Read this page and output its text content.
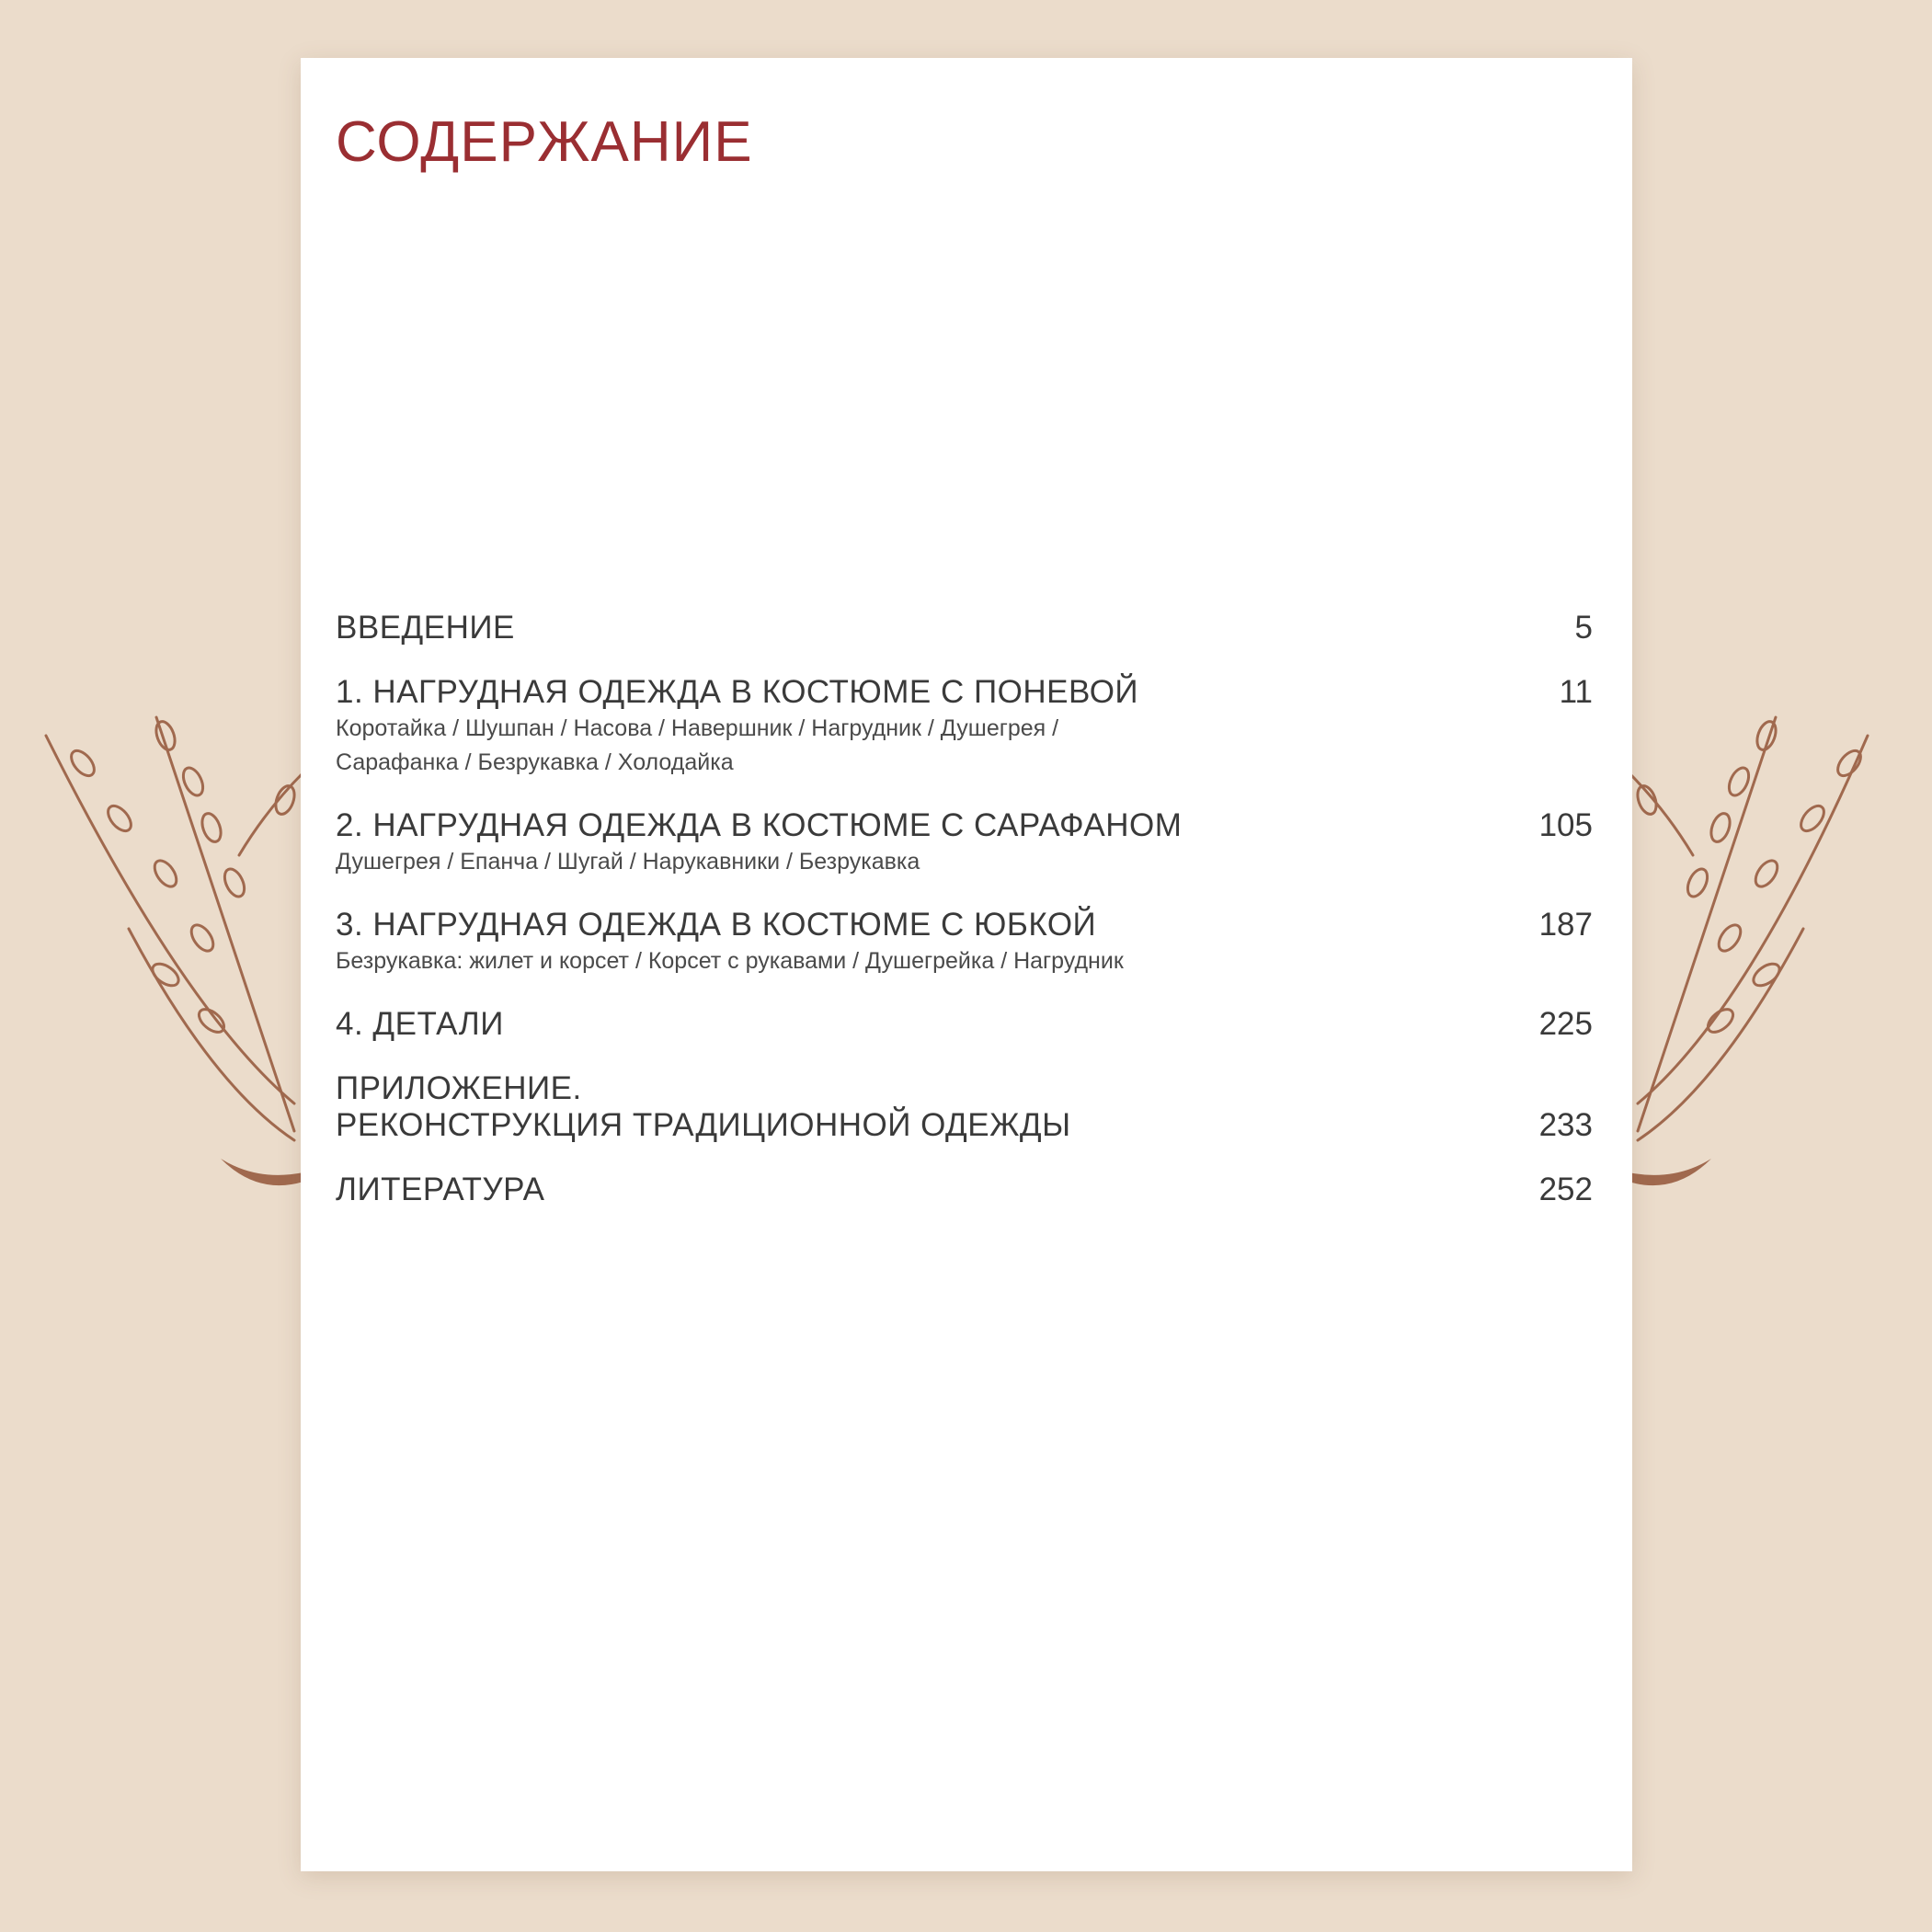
СОДЕРЖАНИЕ
ВВЕДЕНИЕ	5
1. НАГРУДНАЯ ОДЕЖДА В КОСТЮМЕ С ПОНЕВОЙ	11
Коротайка / Шушпан / Насова / Навершник / Нагрудник / Душегрея /
Сарафанка / Безрукавка / Холодайка
2. НАГРУДНАЯ ОДЕЖДА В КОСТЮМЕ С САРАФАНОМ	105
Душегрея / Епанча / Шугай / Нарукавники / Безрукавка
3. НАГРУДНАЯ ОДЕЖДА В КОСТЮМЕ С ЮБКОЙ	187
Безрукавка: жилет и корсет / Корсет с рукавами / Душегрейка / Нагрудник
4. ДЕТАЛИ	225
ПРИЛОЖЕНИЕ.
РЕКОНСТРУКЦИЯ ТРАДИЦИОННОЙ ОДЕЖДЫ	233
ЛИТЕРАТУРА	252
